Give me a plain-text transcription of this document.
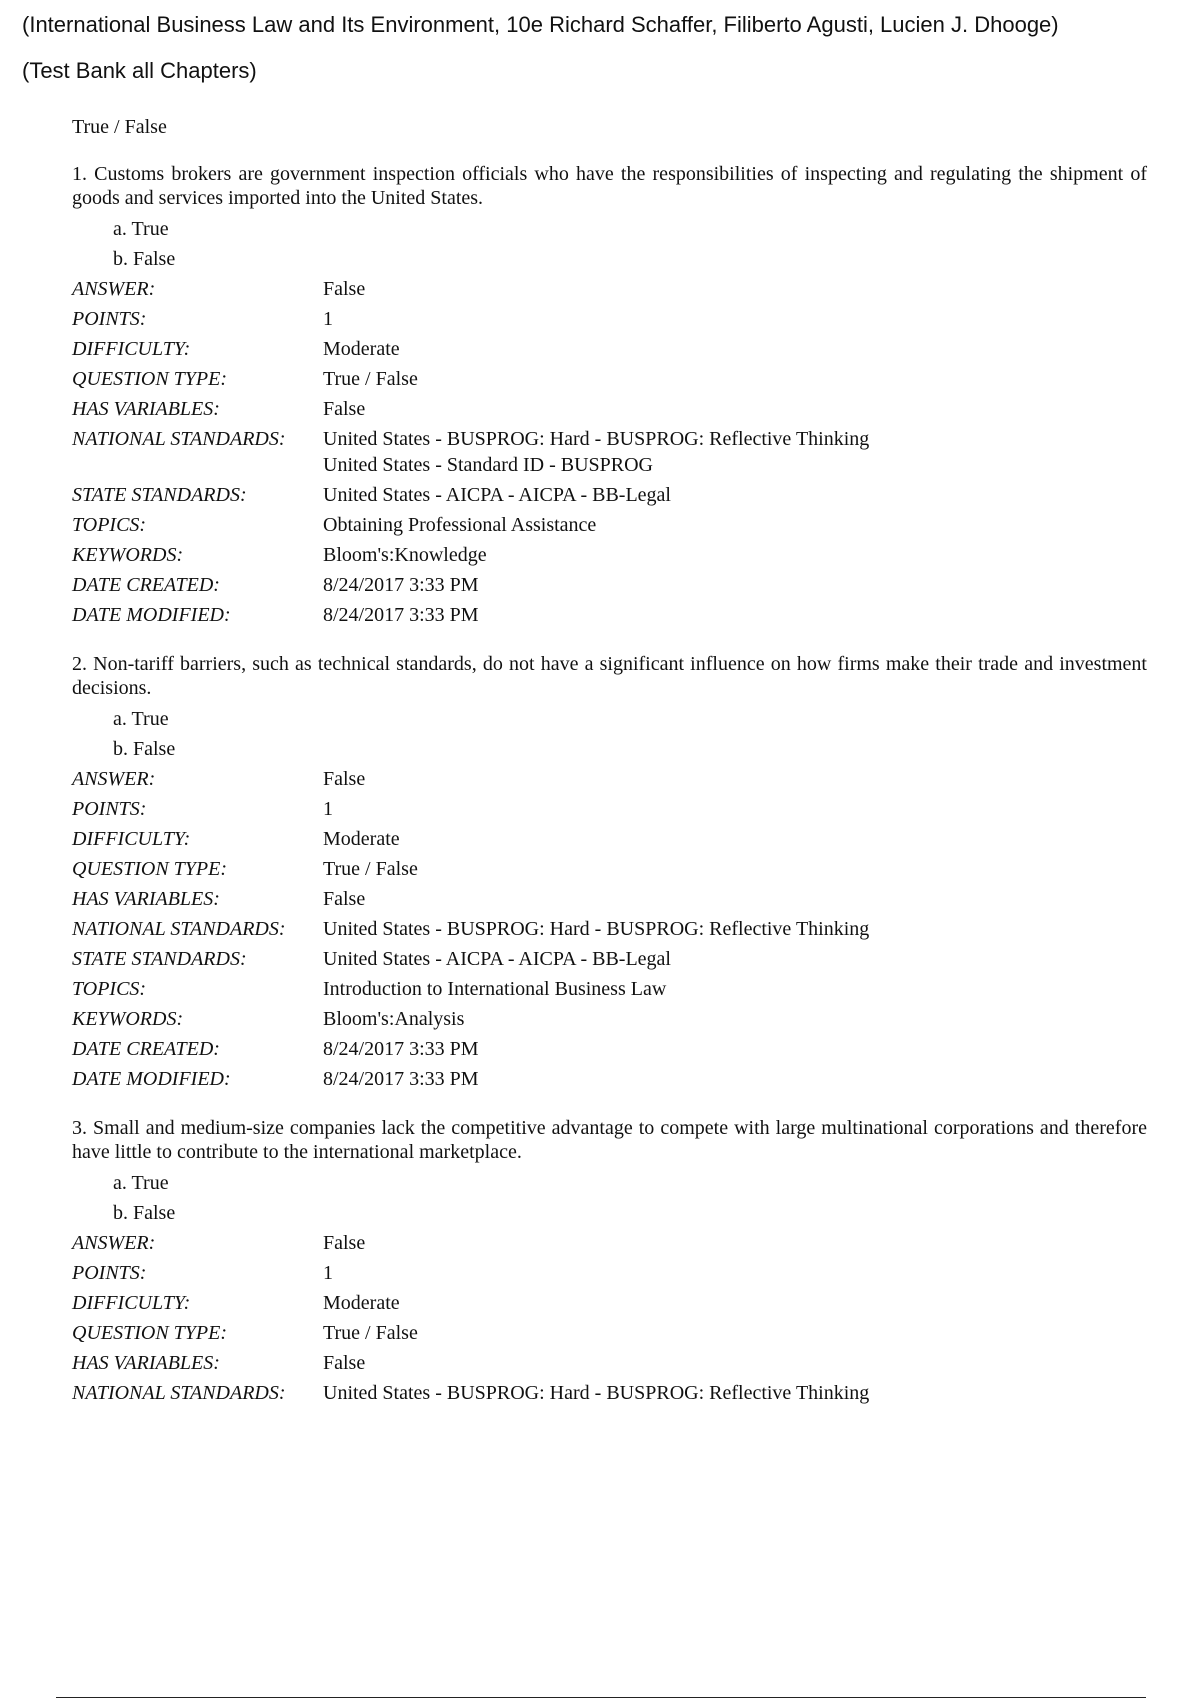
(International Business Law and Its Environment, 10e Richard Schaffer, Filiberto Agusti, Lucien J. Dhooge)
(Test Bank all Chapters)
True / False
1. Customs brokers are government inspection officials who have the responsibilities of inspecting and regulating the shipment of goods and services imported into the United States.
a. True
b. False
ANSWER:	False
POINTS:	1
DIFFICULTY:	Moderate
QUESTION TYPE:	True / False
HAS VARIABLES:	False
NATIONAL STANDARDS:	United States - BUSPROG: Hard - BUSPROG: Reflective Thinking
United States - Standard ID - BUSPROG
STATE STANDARDS:	United States - AICPA - AICPA - BB-Legal
TOPICS:	Obtaining Professional Assistance
KEYWORDS:	Bloom's:Knowledge
DATE CREATED:	8/24/2017 3:33 PM
DATE MODIFIED:	8/24/2017 3:33 PM
2. Non-tariff barriers, such as technical standards, do not have a significant influence on how firms make their trade and investment decisions.
a. True
b. False
ANSWER:	False
POINTS:	1
DIFFICULTY:	Moderate
QUESTION TYPE:	True / False
HAS VARIABLES:	False
NATIONAL STANDARDS:	United States - BUSPROG: Hard - BUSPROG: Reflective Thinking
STATE STANDARDS:	United States - AICPA - AICPA - BB-Legal
TOPICS:	Introduction to International Business Law
KEYWORDS:	Bloom's:Analysis
DATE CREATED:	8/24/2017 3:33 PM
DATE MODIFIED:	8/24/2017 3:33 PM
3. Small and medium-size companies lack the competitive advantage to compete with large multinational corporations and therefore have little to contribute to the international marketplace.
a. True
b. False
ANSWER:	False
POINTS:	1
DIFFICULTY:	Moderate
QUESTION TYPE:	True / False
HAS VARIABLES:	False
NATIONAL STANDARDS:	United States - BUSPROG: Hard - BUSPROG: Reflective Thinking
